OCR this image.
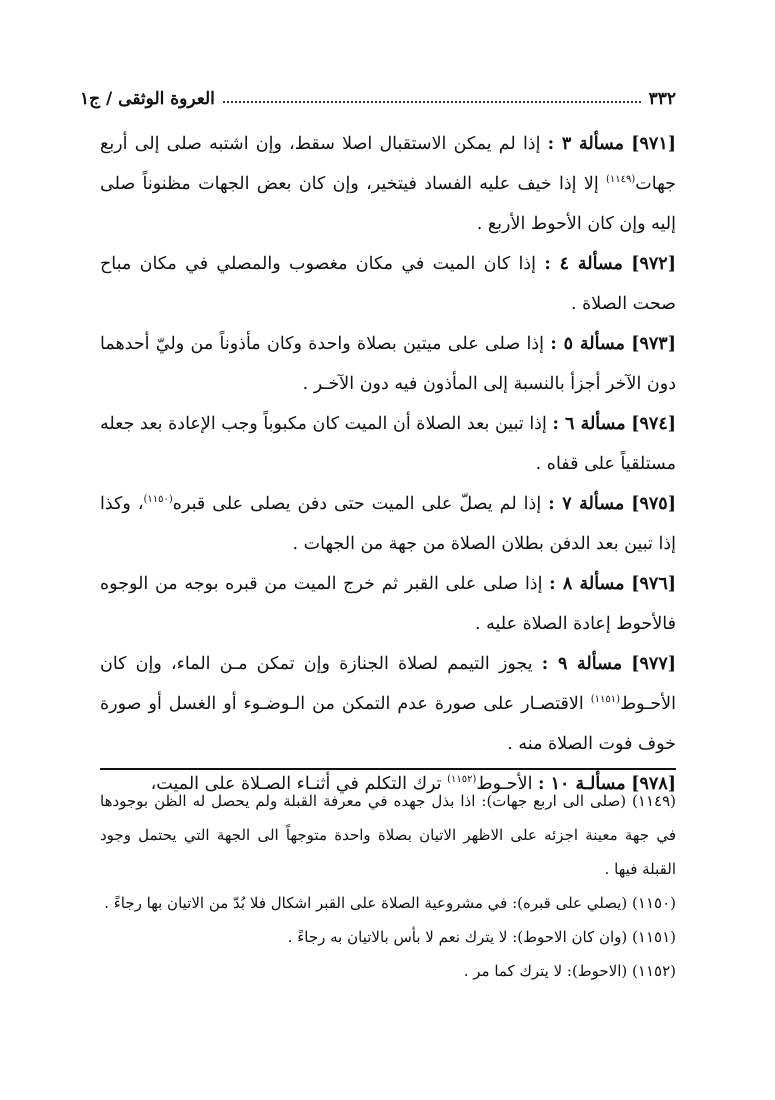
٣٣٢
العروة الوثقى / ج١

[٩٧١] مسألة ٣ : إذا لم يمكن الاستقبال اصلا سقط، وإن اشتبه صلى إلى أربع جهات$^{(١١٤٩)}$ إلا إذا خيف عليه الفساد فيتخير، وإن كان بعض الجهات مظنوناً صلى إليه وإن كان الأحوط الأربع .

[٩٧٢] مسألة ٤ : إذا كان الميت في مكان مغصوب والمصلي في مكان مباح صحت الصلاة .

[٩٧٣] مسألة ٥ : إذا صلى على ميتين بصلاة واحدة وكان مأذوناً من وليّ أحدهما دون الآخر أجزأ بالنسبة إلى المأذون فيه دون الآخـر .

[٩٧٤] مسألة ٦ : إذا تبين بعد الصلاة أن الميت كان مكبوباً وجب الإعادة بعد جعله مستلقياً على قفاه .

[٩٧٥] مسألة ٧ : إذا لم يصلّ على الميت حتى دفن يصلى على قبره$^{(١١٥٠)}$، وكذا إذا تبين بعد الدفن بطلان الصلاة من جهة من الجهات .

[٩٧٦] مسألة ٨ : إذا صلى على القبر ثم خرج الميت من قبره بوجه من الوجوه فالأحوط إعادة الصلاة عليه .

[٩٧٧] مسألة ٩ : يجوز التيمم لصلاة الجنازة وإن تمكن مـن الماء، وإن كان الأحـوط$^{(١١٥١)}$ الاقتصـار على صورة عدم التمكن من الـوضـوء أو الغسل أو صورة خوف فوت الصلاة منه .

[٩٧٨] مسألـة ١٠ : الأحـوط$^{(١١٥٢)}$ ترك التكلم في أثنـاء الصـلاة على الميت،

(١١٤٩) (صلى الى اربع جهات): اذا بذل جهده في معرفة القبلة ولم يحصل له الظن بوجودها في جهة معينة اجزئه على الاظهر الاتيان بصلاة واحدة متوجهاً الى الجهة التي يحتمل وجود القبلة فيها .

(١١٥٠) (يصلي على قبره): في مشروعية الصلاة على القبر اشكال فلا بُدّ من الاتيان بها رجاءً .

(١١٥١) (وان كان الاحوط): لا يترك نعم لا بأس بالاتيان به رجاءً .

(١١٥٢) (الاحوط): لا يترك كما مر .
